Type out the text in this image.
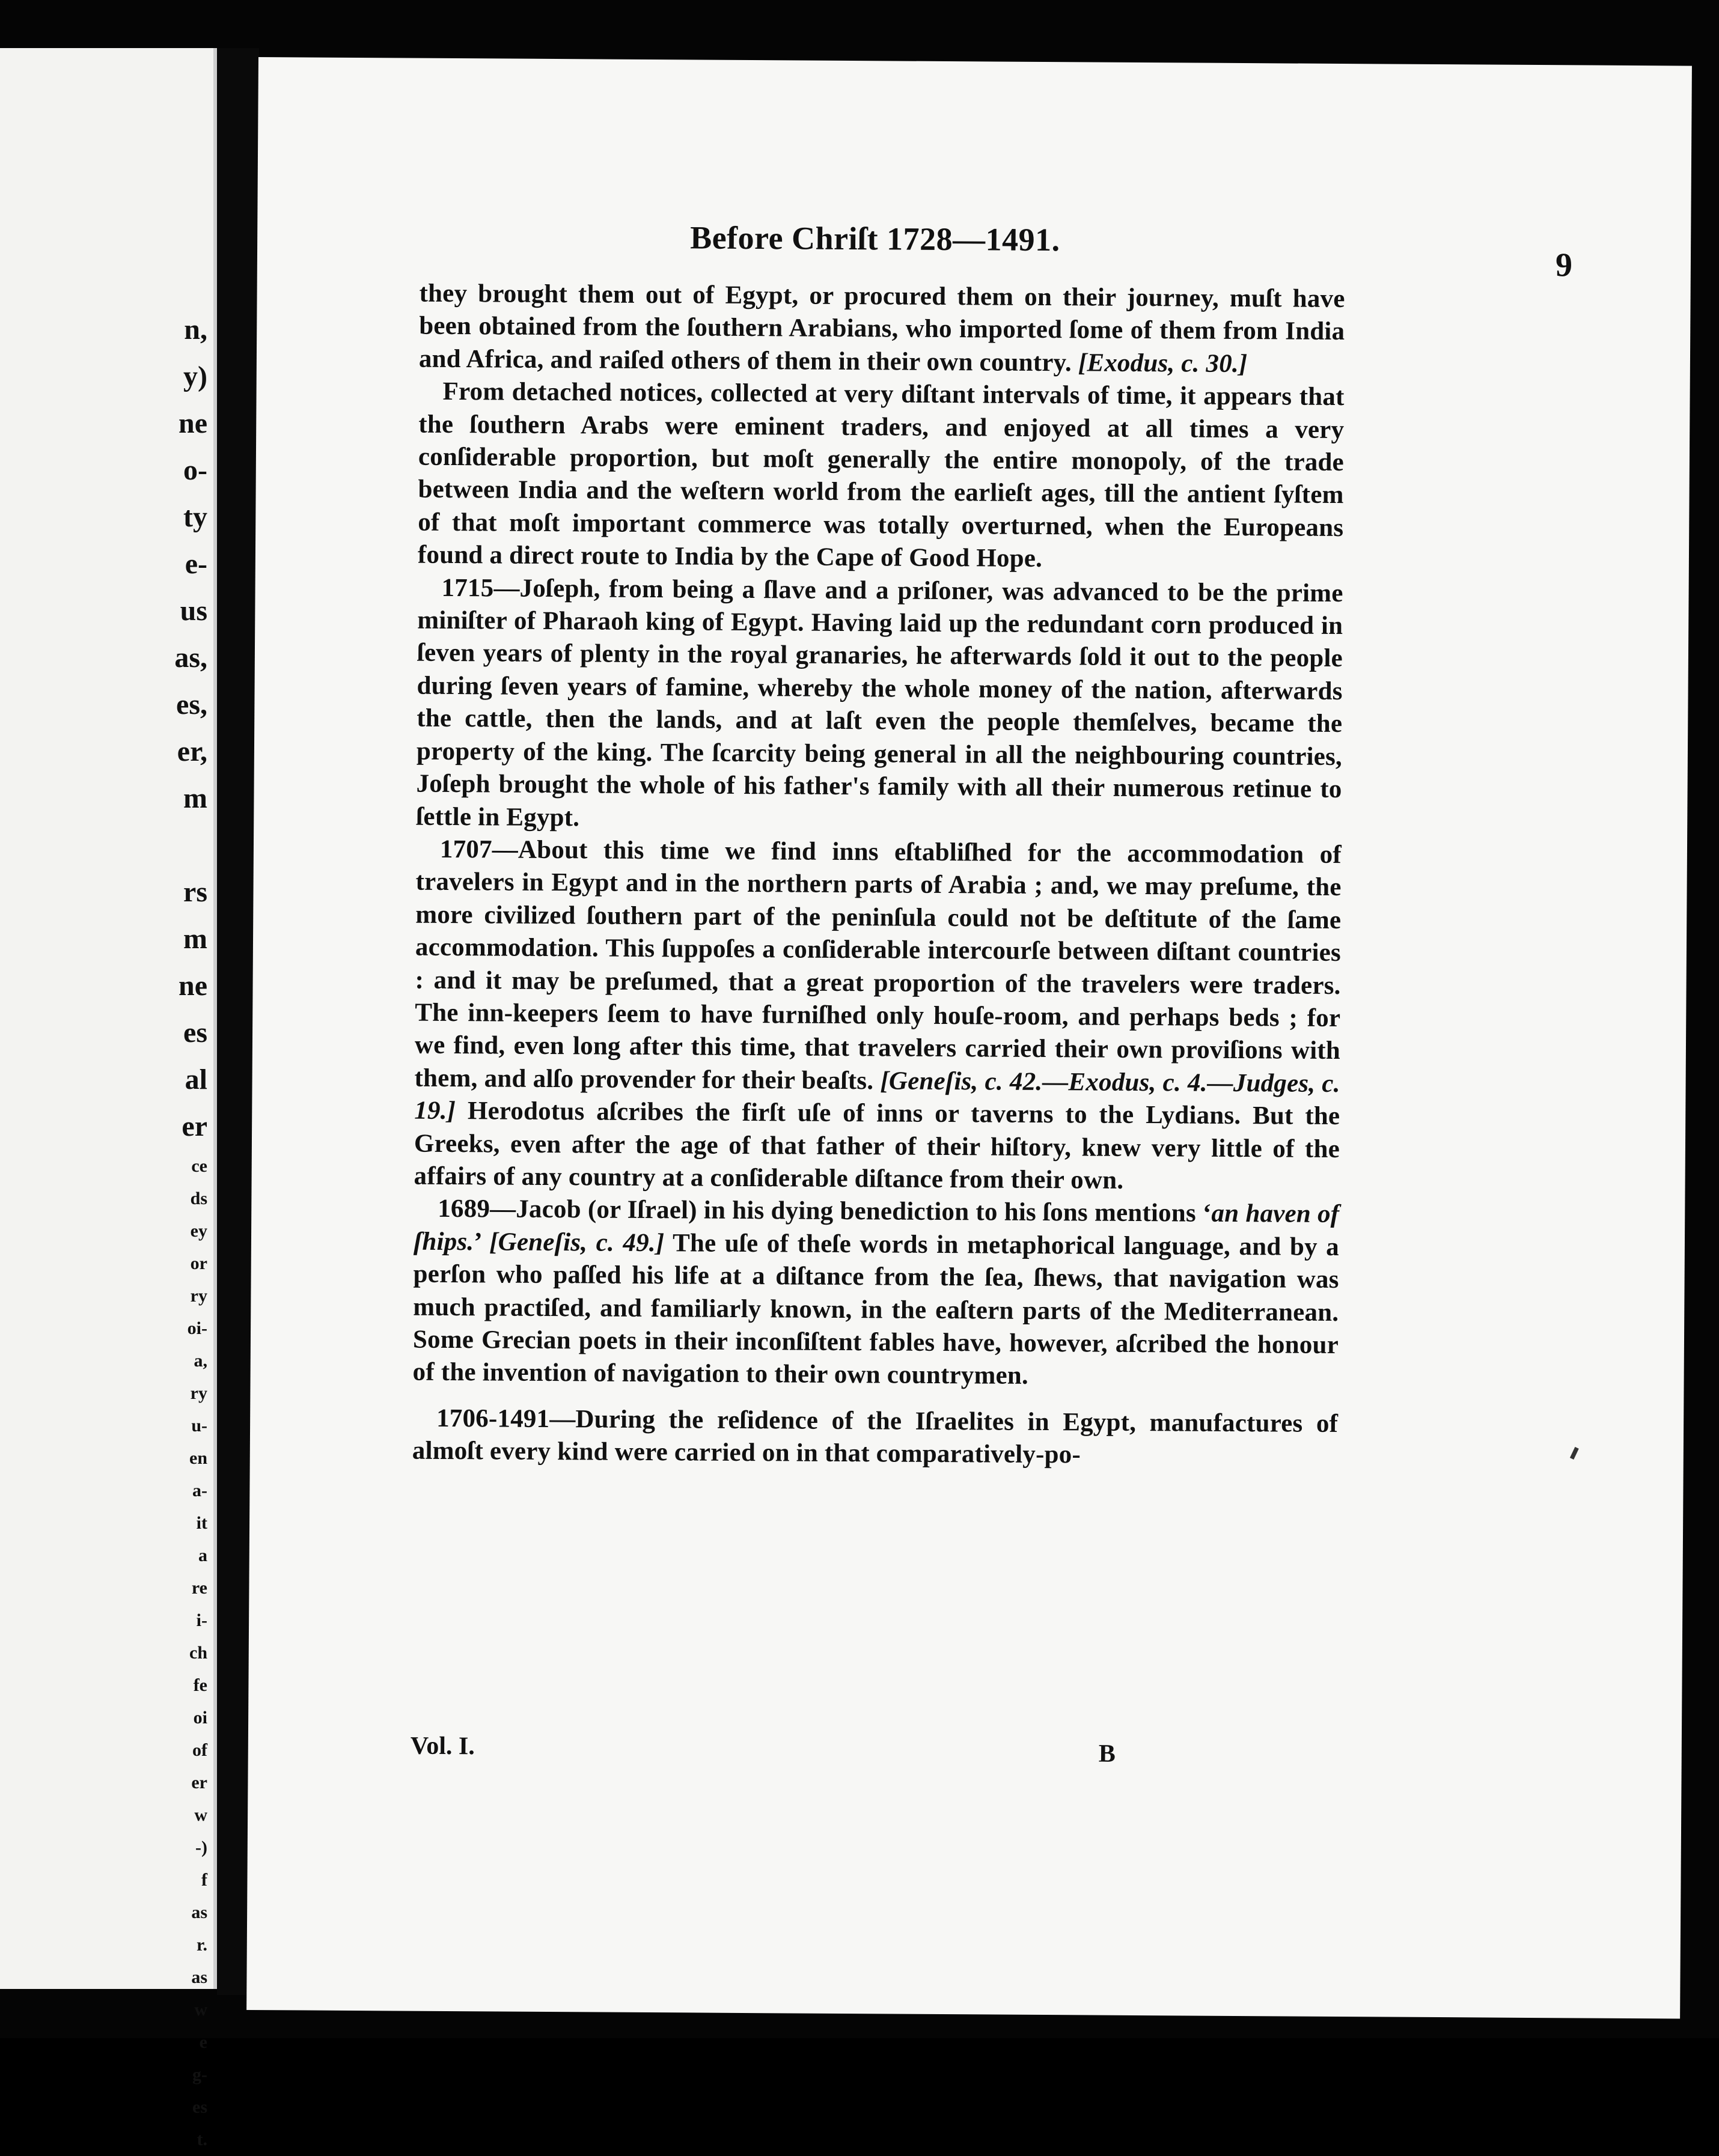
n,
y)
ne
o-
ty
e-
us
as,
es,
er,
m

rs
m
ne
es
al
er
ce
ds
ey
or
ry
oi-
a,
ry
u-
en
a-
it
a
re
i-
ch
fe
oi
of
er
w
-)
f
as
r.
as
w
e
g-
es
t.
Before Chriſt 1728—1491.
9

they brought them out of Egypt, or procured them on their journey, muſt have been obtained from the ſouthern Arabians, who imported ſome of them from India and Africa, and raiſed others of them in their own country. [Exodus, c. 30.]

From detached notices, collected at very diſtant intervals of time, it appears that the ſouthern Arabs were eminent traders, and enjoyed at all times a very conſiderable proportion, but moſt generally the entire monopoly, of the trade between India and the weſtern world from the earlieſt ages, till the antient ſyſtem of that moſt important commerce was totally overturned, when the Europeans found a direct route to India by the Cape of Good Hope.

1715—Joſeph, from being a ſlave and a priſoner, was advanced to be the prime miniſter of Pharaoh king of Egypt. Having laid up the redundant corn produced in ſeven years of plenty in the royal granaries, he afterwards ſold it out to the people during ſeven years of famine, whereby the whole money of the nation, afterwards the cattle, then the lands, and at laſt even the people themſelves, became the property of the king. The ſcarcity being general in all the neighbouring countries, Joſeph brought the whole of his father's family with all their numerous retinue to ſettle in Egypt.

1707—About this time we find inns eſtabliſhed for the accommodation of travelers in Egypt and in the northern parts of Arabia ; and, we may preſume, the more civilized ſouthern part of the peninſula could not be deſtitute of the ſame accommodation. This ſuppoſes a conſiderable intercourſe between diſtant countries : and it may be preſumed, that a great proportion of the travelers were traders. The inn-keepers ſeem to have furniſhed only houſe-room, and perhaps beds ; for we find, even long after this time, that travelers carried their own proviſions with them, and alſo provender for their beaſts. [Geneſis, c. 42.—Exodus, c. 4.—Judges, c. 19.] Herodotus aſcribes the firſt uſe of inns or taverns to the Lydians. But the Greeks, even after the age of that father of their hiſtory, knew very little of the affairs of any country at a conſiderable diſtance from their own.

1689—Jacob (or Iſrael) in his dying benediction to his ſons mentions ‘an haven of ſhips.’ [Geneſis, c. 49.] The uſe of theſe words in metaphorical language, and by a perſon who paſſed his life at a diſtance from the ſea, ſhews, that navigation was much practiſed, and familiarly known, in the eaſtern parts of the Mediterranean. Some Grecian poets in their inconſiſtent fables have, however, aſcribed the honour of the invention of navigation to their own countrymen.

1706-1491—During the reſidence of the Iſraelites in Egypt, manufactures of almoſt every kind were carried on in that comparatively-po-

Vol. I.	B
